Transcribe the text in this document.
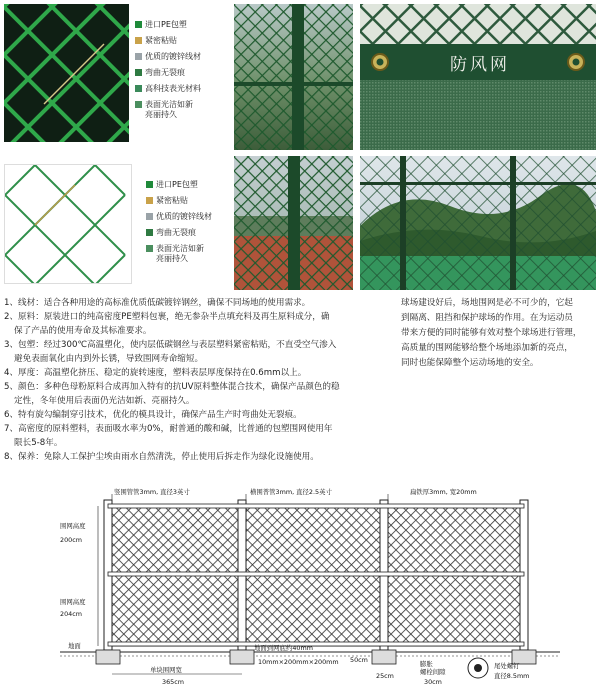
进口PE包塑
紧密粘贴
优质的镀锌线材
弯曲无裂痕
高科技表光材料
表面光洁如新
亮丽持久
防风网
进口PE包塑
紧密粘贴
优质的镀锌线材
弯曲无裂痕
表面光洁如新
亮丽持久
1、线材：适合各种用途的高标准优质低碳镀锌钢丝，确保不同场地的使用需求。
2、原料：原装进口的纯高密度PE塑料包裹，绝无参杂半点填充料及再生原料成分，确
保了产品的使用寿命及其标准要求。
3、包塑：经过300℃高温塑化，使内层低碳钢丝与表层塑料紧密粘贴，不直受空气渗入
避免表面氧化由内到外长锈，导致围网寿命缩短。
4、厚度：高温塑化挤压、稳定的旋转速度，塑料表层厚度保持在0.6mm以上。
5、颜色：多种色母粉原料合成再加入特有的抗UV原料整体混合技术，确保产品颜色的稳
定性，冬年使用后表面仍光洁如新、亮丽持久。
6、特有旋勾编制穿引技术，优化的模具设计，确保产品生产时弯曲处无裂痕。
7、高密度的原料塑料，表面吸水率为0%，耐普通的酸和碱，比普通的包塑围网使用年
限长5-8年。
8、保养：免除人工保护尘埃由雨水自然清洗，停止使用后拆走作为绿化设施使用。
球场建设好后，场地围网是必不可少的，它起
到隔离、阻挡和保护球场的作用。在为运动员
带来方便的同时能够有效对整个球场进行管理，
高质量的围网能够给整个场地添加新的亮点，
同时也能保障整个运动场地的安全。
竖围管管3mm, 直径3英寸	横围普管3mm, 直径2.5英寸	扁铁厚3mm, 宽20mm
围网高度
200cm
围网高度
204cm
地面	地面到网底约40mm
10mm×200mm×200mm 50cm
25cm
膨胀
螺栓间隙
30cm
单块围网宽
365cm
尾处螺钉
直径8.5mm
